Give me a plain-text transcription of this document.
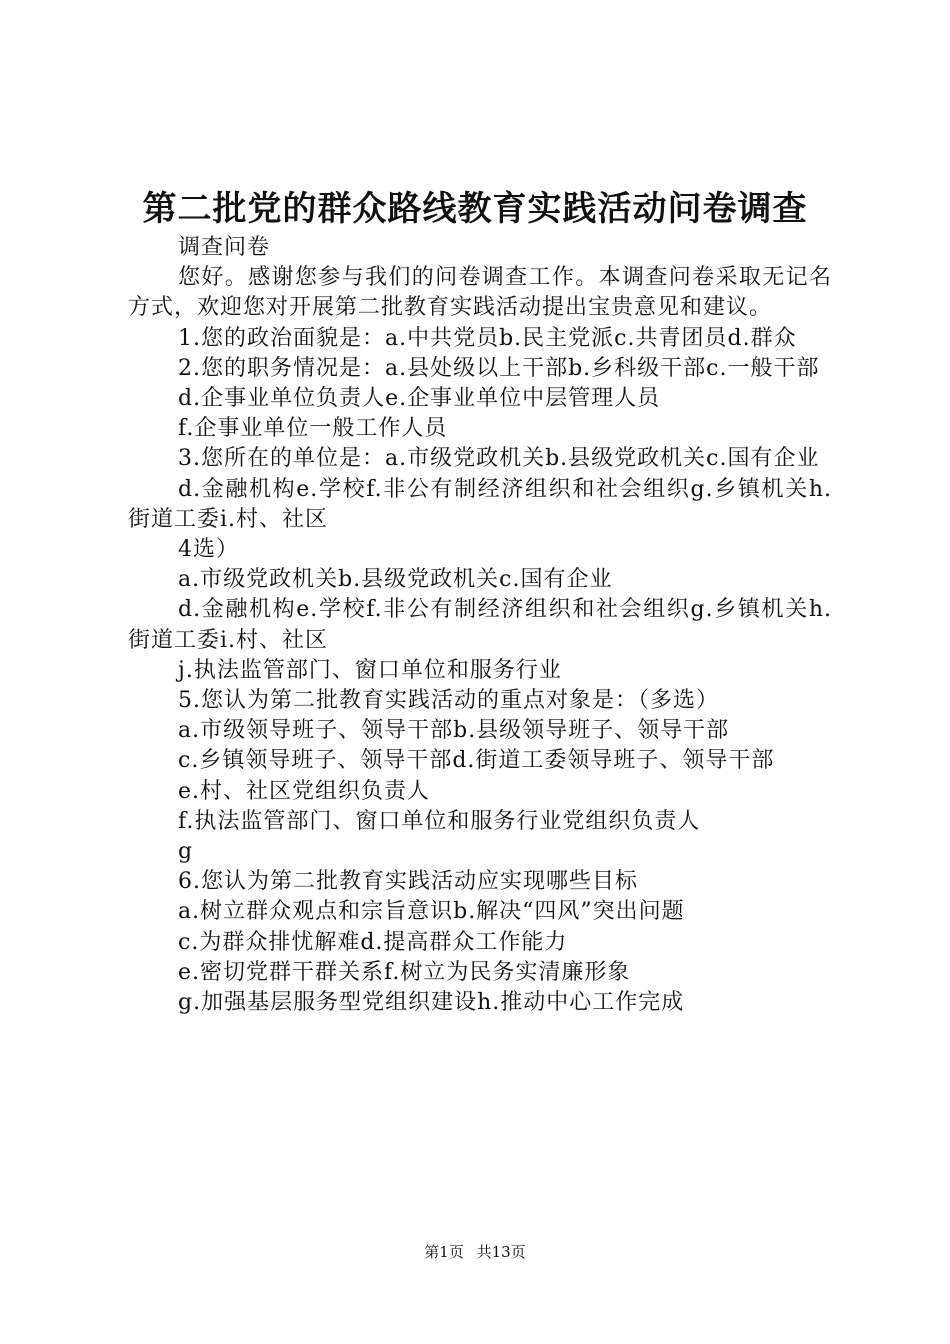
第二批党的群众路线教育实践活动问卷调查

调查问卷

您好。感谢您参与我们的问卷调查工作。本调查问卷采取无记名方式，欢迎您对开展第二批教育实践活动提出宝贵意见和建议。

1.您的政治面貌是：a.中共党员b.民主党派c.共青团员d.群众

2.您的职务情况是：a.县处级以上干部b.乡科级干部c.一般干部

d.企事业单位负责人e.企事业单位中层管理人员

f.企事业单位一般工作人员

3.您所在的单位是：a.市级党政机关b.县级党政机关c.国有企业

d.金融机构e.学校f.非公有制经济组织和社会组织g.乡镇机关h.街道工委i.村、社区

4选）

a.市级党政机关b.县级党政机关c.国有企业

d.金融机构e.学校f.非公有制经济组织和社会组织g.乡镇机关h.街道工委i.村、社区

j.执法监管部门、窗口单位和服务行业

5.您认为第二批教育实践活动的重点对象是：（多选）

a.市级领导班子、领导干部b.县级领导班子、领导干部

c.乡镇领导班子、领导干部d.街道工委领导班子、领导干部

e.村、社区党组织负责人

f.执法监管部门、窗口单位和服务行业党组织负责人

g

6.您认为第二批教育实践活动应实现哪些目标

a.树立群众观点和宗旨意识b.解决“四风”突出问题

c.为群众排忧解难d.提高群众工作能力

e.密切党群干群关系f.树立为民务实清廉形象

g.加强基层服务型党组织建设h.推动中心工作完成

第1页 共13页
